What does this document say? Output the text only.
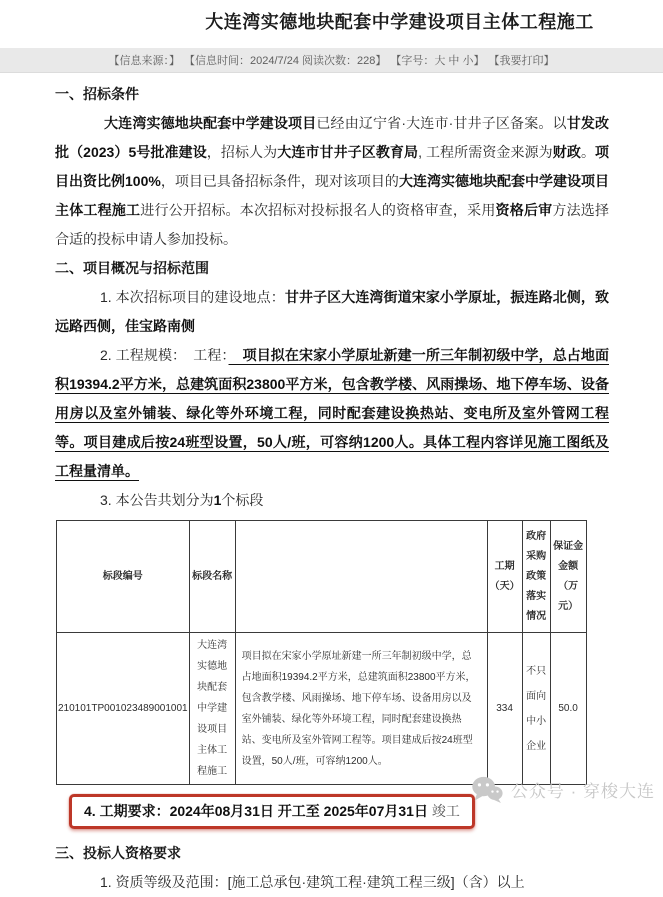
大连湾实德地块配套中学建设项目主体工程施工
【信息来源：】 【信息时间：2024/7/24 阅读次数：228】 【字号：大 中 小】 【我要打印】
一、招标条件
大连湾实德地块配套中学建设项目已经由辽宁省·大连市·甘井子区备案。以甘发改批（2023）5号批准建设，招标人为大连市甘井子区教育局, 工程所需资金来源为财政。项目出资比例100%，项目已具备招标条件，现对该项目的大连湾实德地块配套中学建设项目主体工程施工进行公开招标。本次招标对投标报名人的资格审查，采用资格后审方法选择合适的投标申请人参加投标。
二、项目概况与招标范围
1. 本次招标项目的建设地点：甘井子区大连湾街道宋家小学原址，振连路北侧，致远路西侧，佳宝路南侧
2. 工程规模：　工程：　项目拟在宋家小学原址新建一所三年制初级中学，总占地面积19394.2平方米，总建筑面积23800平方米，包含教学楼、风雨操场、地下停车场、设备用房以及室外铺装、绿化等外环境工程，同时配套建设换热站、变电所及室外管网工程等。项目建成后按24班型设置，50人/班，可容纳1200人。具体工程内容详见施工图纸及工程量清单。
3. 本公告共划分为1个标段
标段编号	标段名称		工期（天）	政府采购政策落实情况	保证金金额（万元）
210101TP001023489001001	大连湾实德地块配套中学建设项目主体工程施工	项目拟在宋家小学原址新建一所三年制初级中学，总占地面积19394.2平方米，总建筑面积23800平方米，包含教学楼、风雨操场、地下停车场、设备用房以及室外铺装、绿化等外环境工程，同时配套建设换热站、变电所及室外管网工程等。项目建成后按24班型设置，50人/班，可容纳1200人。	334	不只面向中小企业	50.0
4. 工期要求：2024年08月31日 开工至 2025年07月31日 竣工
三、投标人资格要求
1. 资质等级及范围：[施工总承包·建筑工程·建筑工程三级]（含）以上
公众号 · 穿梭大连
